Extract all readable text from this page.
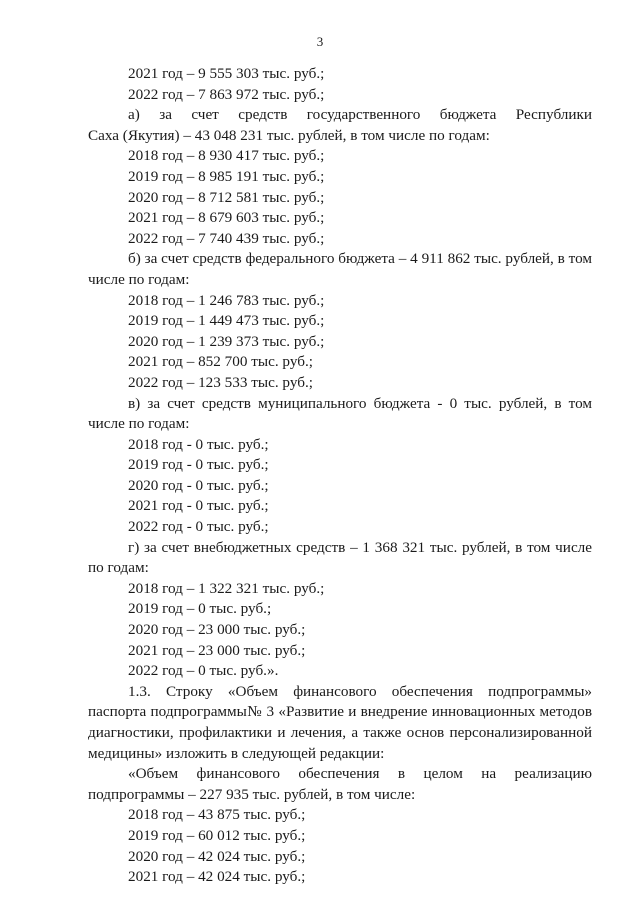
3
2021 год – 9 555 303 тыс. руб.;
2022 год – 7 863 972 тыс. руб.;
а) за счет средств государственного бюджета Республики
Саха (Якутия) – 43 048 231 тыс. рублей, в том числе по годам:
2018 год – 8 930 417 тыс. руб.;
2019 год – 8 985 191 тыс. руб.;
2020 год – 8 712 581 тыс. руб.;
2021 год – 8 679 603 тыс. руб.;
2022 год – 7 740 439 тыс. руб.;
б) за счет средств федерального бюджета – 4 911 862 тыс. рублей, в том
числе по годам:
2018 год – 1 246 783 тыс. руб.;
2019 год – 1 449 473 тыс. руб.;
2020 год – 1 239 373 тыс. руб.;
2021 год – 852 700 тыс. руб.;
2022 год – 123 533 тыс. руб.;
в) за счет средств муниципального бюджета - 0 тыс. рублей, в том
числе по годам:
2018 год - 0 тыс. руб.;
2019 год - 0 тыс. руб.;
2020 год - 0 тыс. руб.;
2021 год - 0 тыс. руб.;
2022 год - 0 тыс. руб.;
г) за счет внебюджетных средств – 1 368 321 тыс. рублей, в том числе
по годам:
2018 год – 1 322 321 тыс. руб.;
2019 год – 0 тыс. руб.;
2020 год – 23 000 тыс. руб.;
2021 год – 23 000 тыс. руб.;
2022 год – 0 тыс. руб.».
1.3. Строку «Объем финансового обеспечения подпрограммы»
паспорта подпрограммы№ 3 «Развитие и внедрение инновационных методов
диагностики, профилактики и лечения, а также основ персонализированной
медицины» изложить в следующей редакции:
«Объем финансового обеспечения в целом на реализацию
подпрограммы – 227 935 тыс. рублей, в том числе:
2018 год – 43 875 тыс. руб.;
2019 год – 60 012 тыс. руб.;
2020 год – 42 024 тыс. руб.;
2021 год – 42 024 тыс. руб.;
